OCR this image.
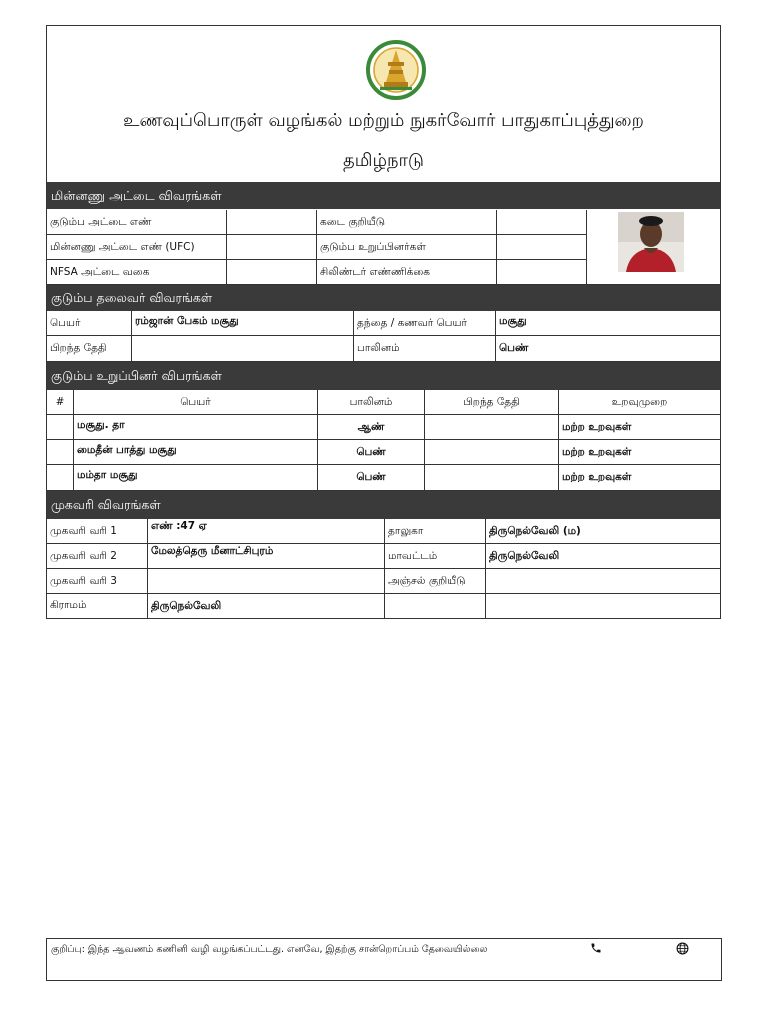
உணவுப்பொருள் வழங்கல் மற்றும் நுகர்வோர் பாதுகாப்புத்துறை
தமிழ்நாடு
மின்னணு அட்டை விவரங்கள்
குடும்ப அட்டை எண்	கடை குறியீடு
மின்னணு அட்டை எண் (UFC)	குடும்ப உறுப்பினர்கள்
NFSA அட்டை வகை	சிலிண்டர் எண்ணிக்கை
குடும்ப தலைவர் விவரங்கள்
பெயர்	ரம்ஜான் பேகம் மசூது	தந்தை / கணவர் பெயர்	மசூது
பிறந்த தேதி	பாலினம்	பெண்
குடும்ப உறுப்பினர் விபரங்கள்
#	பெயர்	பாலினம்	பிறந்த தேதி	உறவுமுறை
மசூது. தா	ஆண்	மற்ற உறவுகள்
மைதீன் பாத்து மசூது	பெண்	மற்ற உறவுகள்
மம்தா மசூது	பெண்	மற்ற உறவுகள்
முகவரி விவரங்கள்
முகவரி வரி 1	எண் :47 ஏ	தாலுகா	திருநெல்வேலி (ம)
முகவரி வரி 2	மேலத்தெரு மீனாட்சிபுரம்	மாவட்டம்	திருநெல்வேலி
முகவரி வரி 3	அஞ்சல் குறியீடு
கிராமம்	திருநெல்வேலி
குறிப்பு: இந்த ஆவணம் கணினி வழி வழங்கப்பட்டது. எனவே, இதற்கு சான்றொப்பம் தேவையில்லை
